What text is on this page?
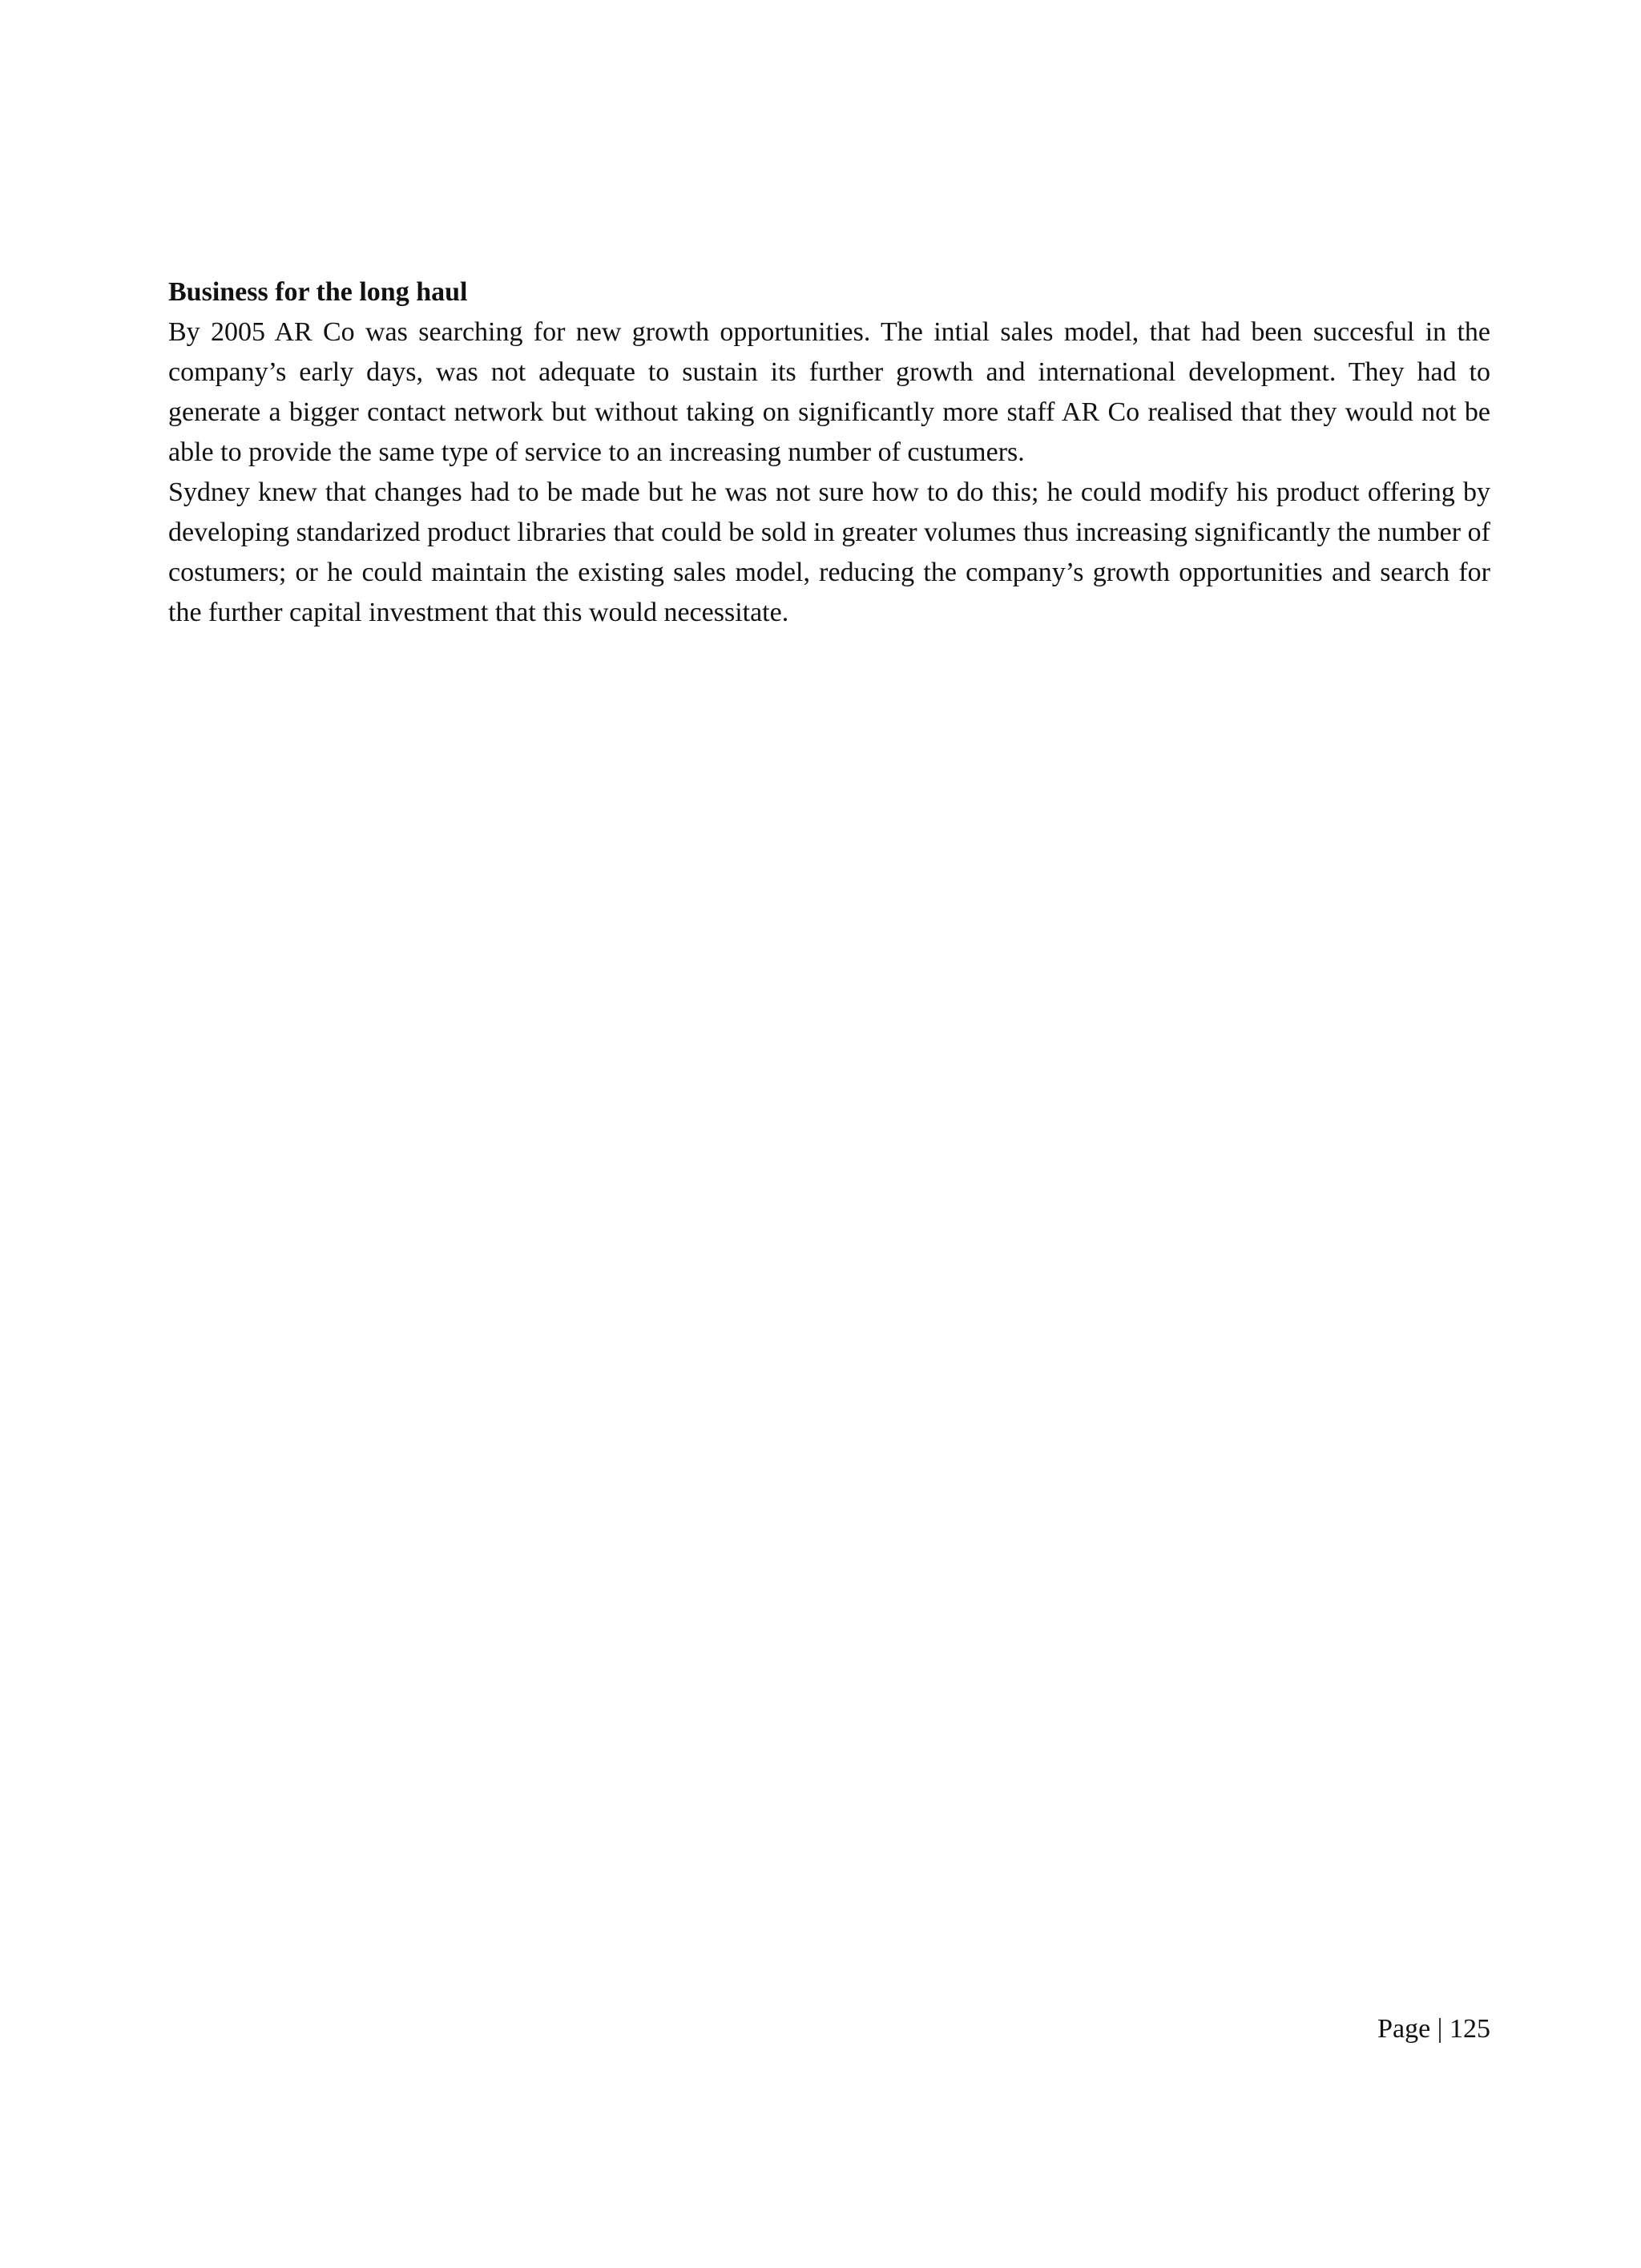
Business for the long haul

By 2005 AR Co was searching for new growth opportunities. The intial sales model, that had been succesful in the company’s early days, was not adequate to sustain its further growth and international development. They had to generate a bigger contact network but without taking on significantly more staff AR Co realised that they would not be able to provide the same type of service to an increasing number of custumers.

Sydney knew that changes had to be made but he was not sure how to do this; he could modify his product offering by developing standarized product libraries that could be sold in greater volumes thus increasing significantly the number of costumers; or he could maintain the existing sales model, reducing the company’s growth opportunities and search for the further capital investment that this would necessitate.

Page | 125
